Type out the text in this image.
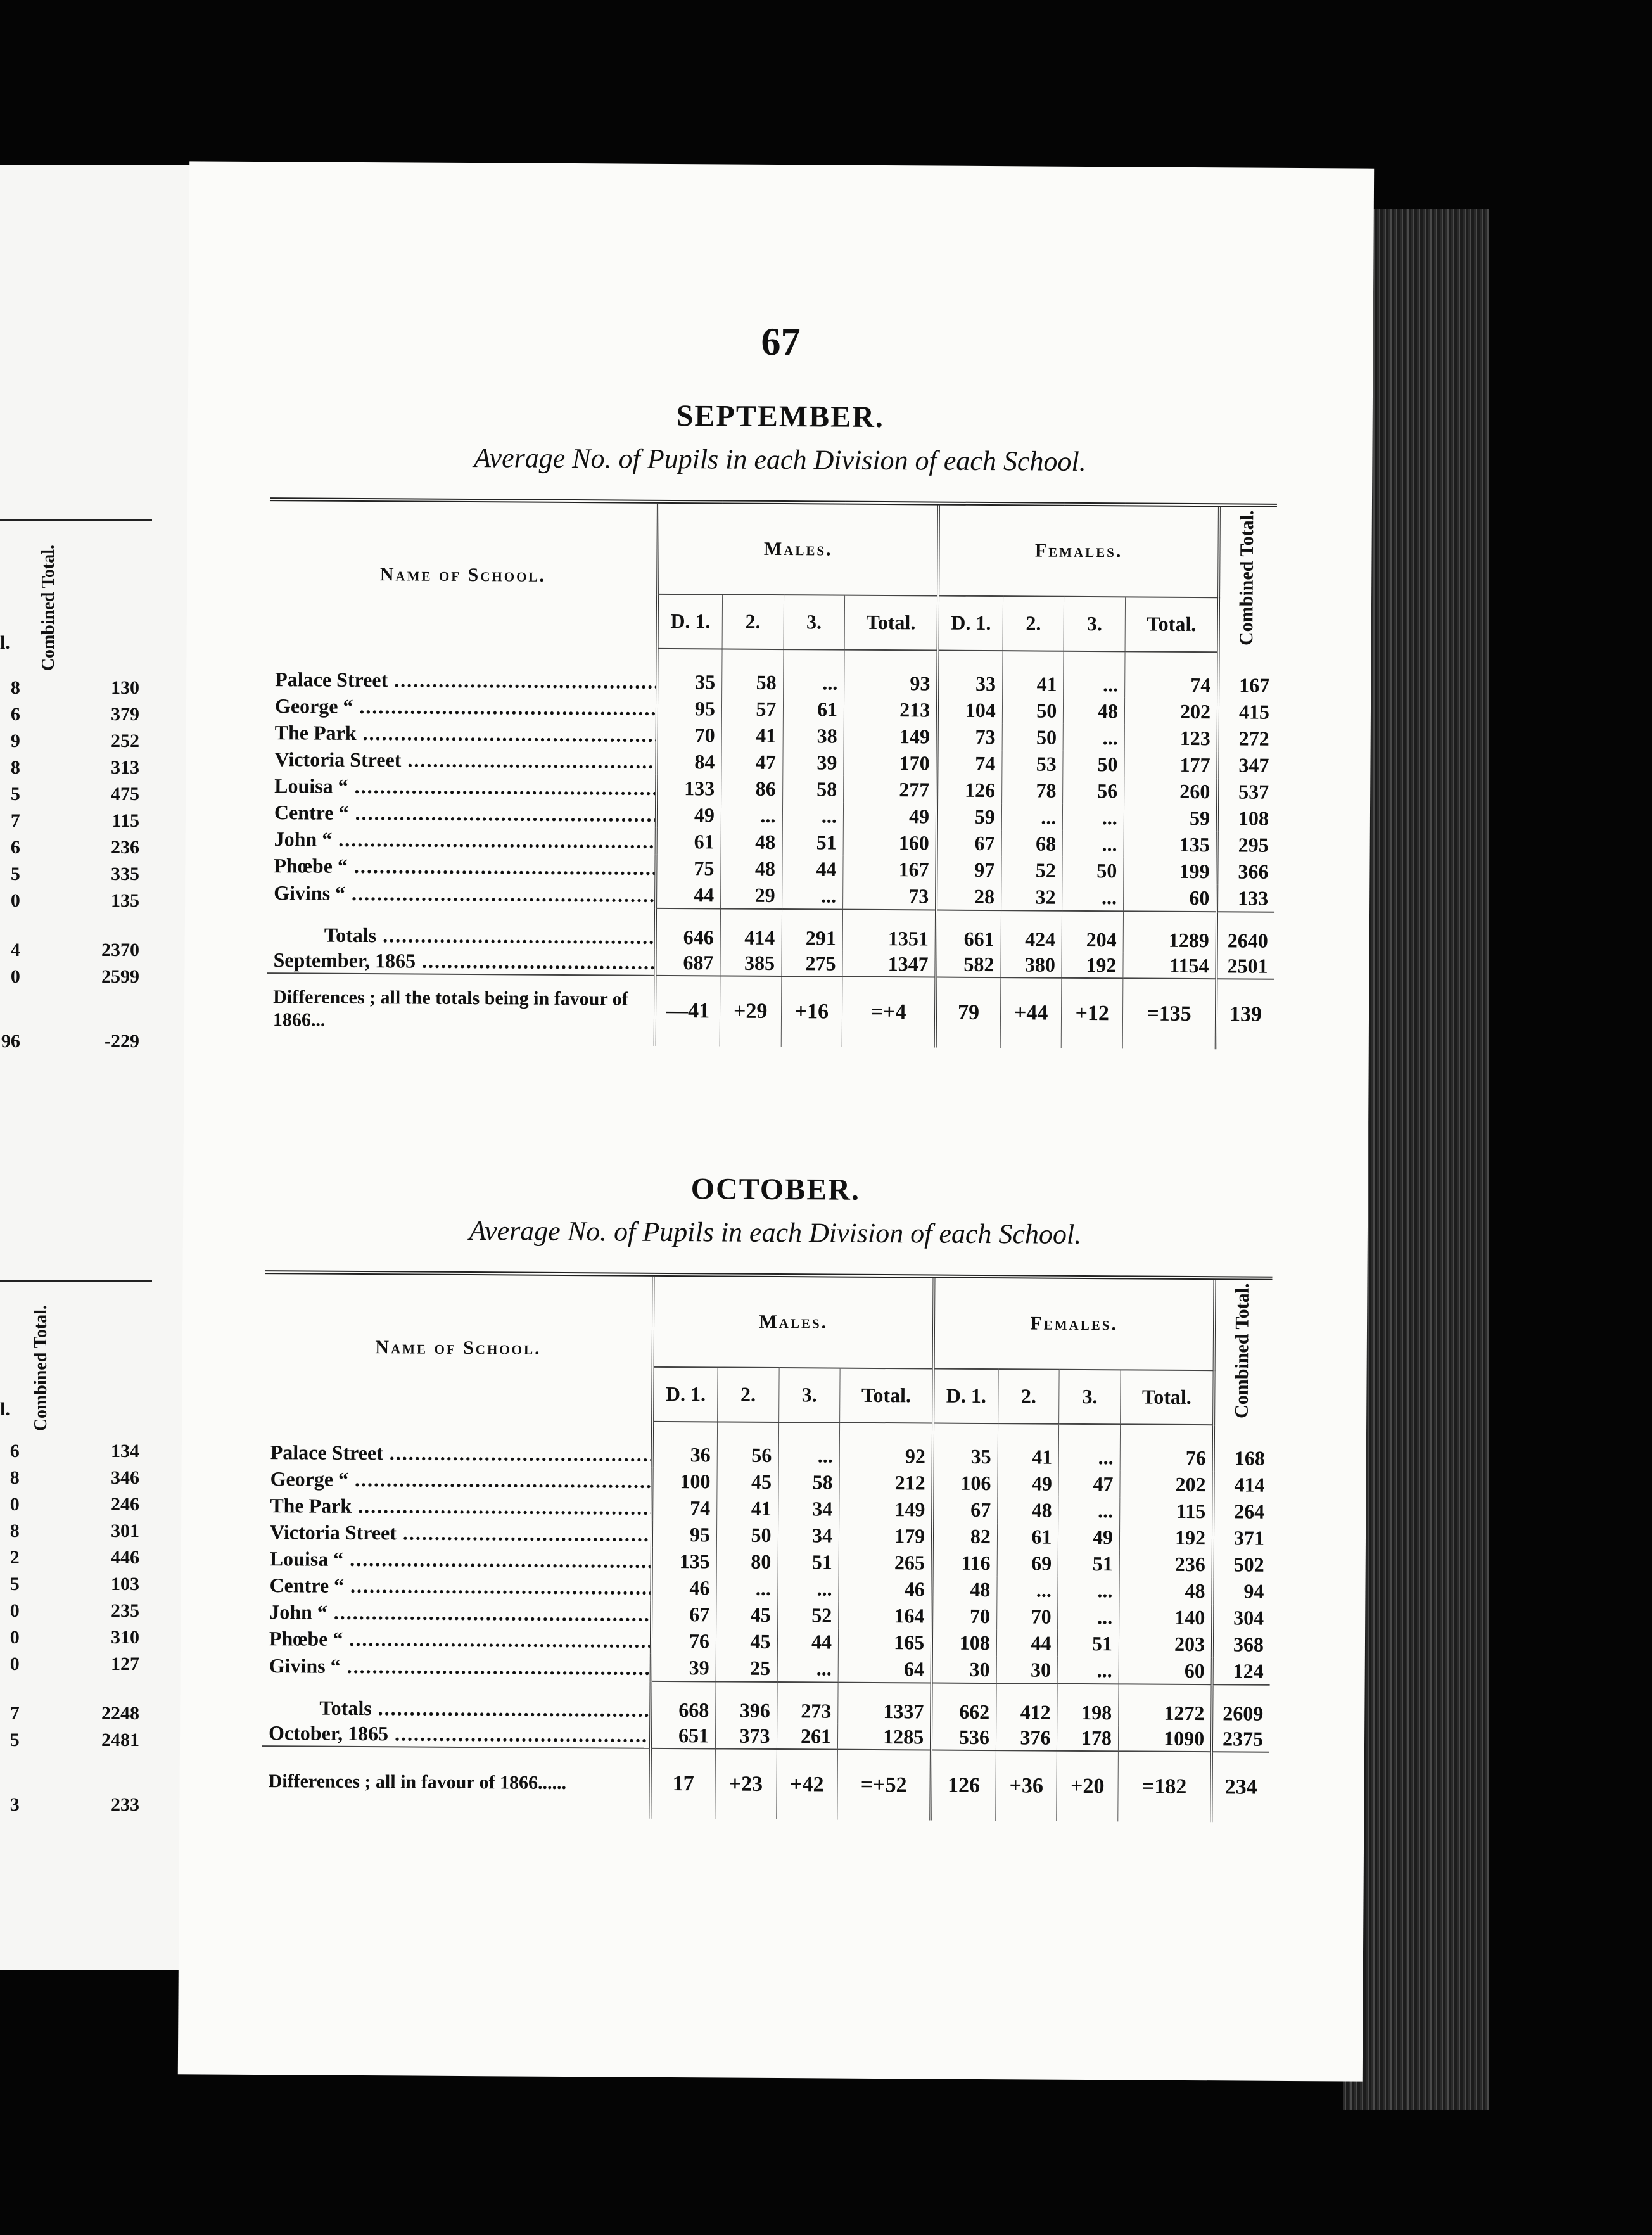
Combined Total.
l.
8	130
6	379
9	252
8	313
5	475
7	115
6	236
5	335
0	135

4	2370
0	2599

96	-229
Combined Total.
l.
6	134
8	346
0	246
8	301
2	446
5	103
0	235
0	310
0	127

7	2248
5	2481

3	233
67
SEPTEMBER.
Average No. of Pupils in each Division of each School.
Name of School.	Males.				Females.				Combined Total.
	D. 1.	2.	3.	Total.	D. 1.	2.	3.	Total.	
Palace Street .....	35	58	...	93	33	41	...	74	167
George “ .....	95	57	61	213	104	50	48	202	415
The Park .....	70	41	38	149	73	50	...	123	272
Victoria Street .....	84	47	39	170	74	53	50	177	347
Louisa “ .....	133	86	58	277	126	78	56	260	537
Centre “ .....	49	...	...	49	59	...	...	59	108
John “ .....	61	48	51	160	67	68	...	135	295
Phœbe “ .....	75	48	44	167	97	52	50	199	366
Givins “ .....	44	29	...	73	28	32	...	60	133
Totals .....	646	414	291	1351	661	424	204	1289	2640
September, 1865 .....	687	385	275	1347	582	380	192	1154	2501
Differences ; all the totals being in favour of 1866...	—41	+29	+16	=+4	79	+44	+12	=135	139
OCTOBER.
Average No. of Pupils in each Division of each School.
Name of School.	Males.				Females.				Combined Total.
	D. 1.	2.	3.	Total.	D. 1.	2.	3.	Total.	
Palace Street .....	36	56	...	92	35	41	...	76	168
George “ .....	100	45	58	212	106	49	47	202	414
The Park .....	74	41	34	149	67	48	...	115	264
Victoria Street .....	95	50	34	179	82	61	49	192	371
Louisa “ .....	135	80	51	265	116	69	51	236	502
Centre “ .....	46	...	...	46	48	...	...	48	94
John “ .....	67	45	52	164	70	70	...	140	304
Phœbe “ .....	76	45	44	165	108	44	51	203	368
Givins “ .....	39	25	...	64	30	30	...	60	124
Totals .....	668	396	273	1337	662	412	198	1272	2609
October, 1865 .....	651	373	261	1285	536	376	178	1090	2375
Differences ; all in favour of 1866......	17	+23	+42	=+52	126	+36	+20	=182	234
